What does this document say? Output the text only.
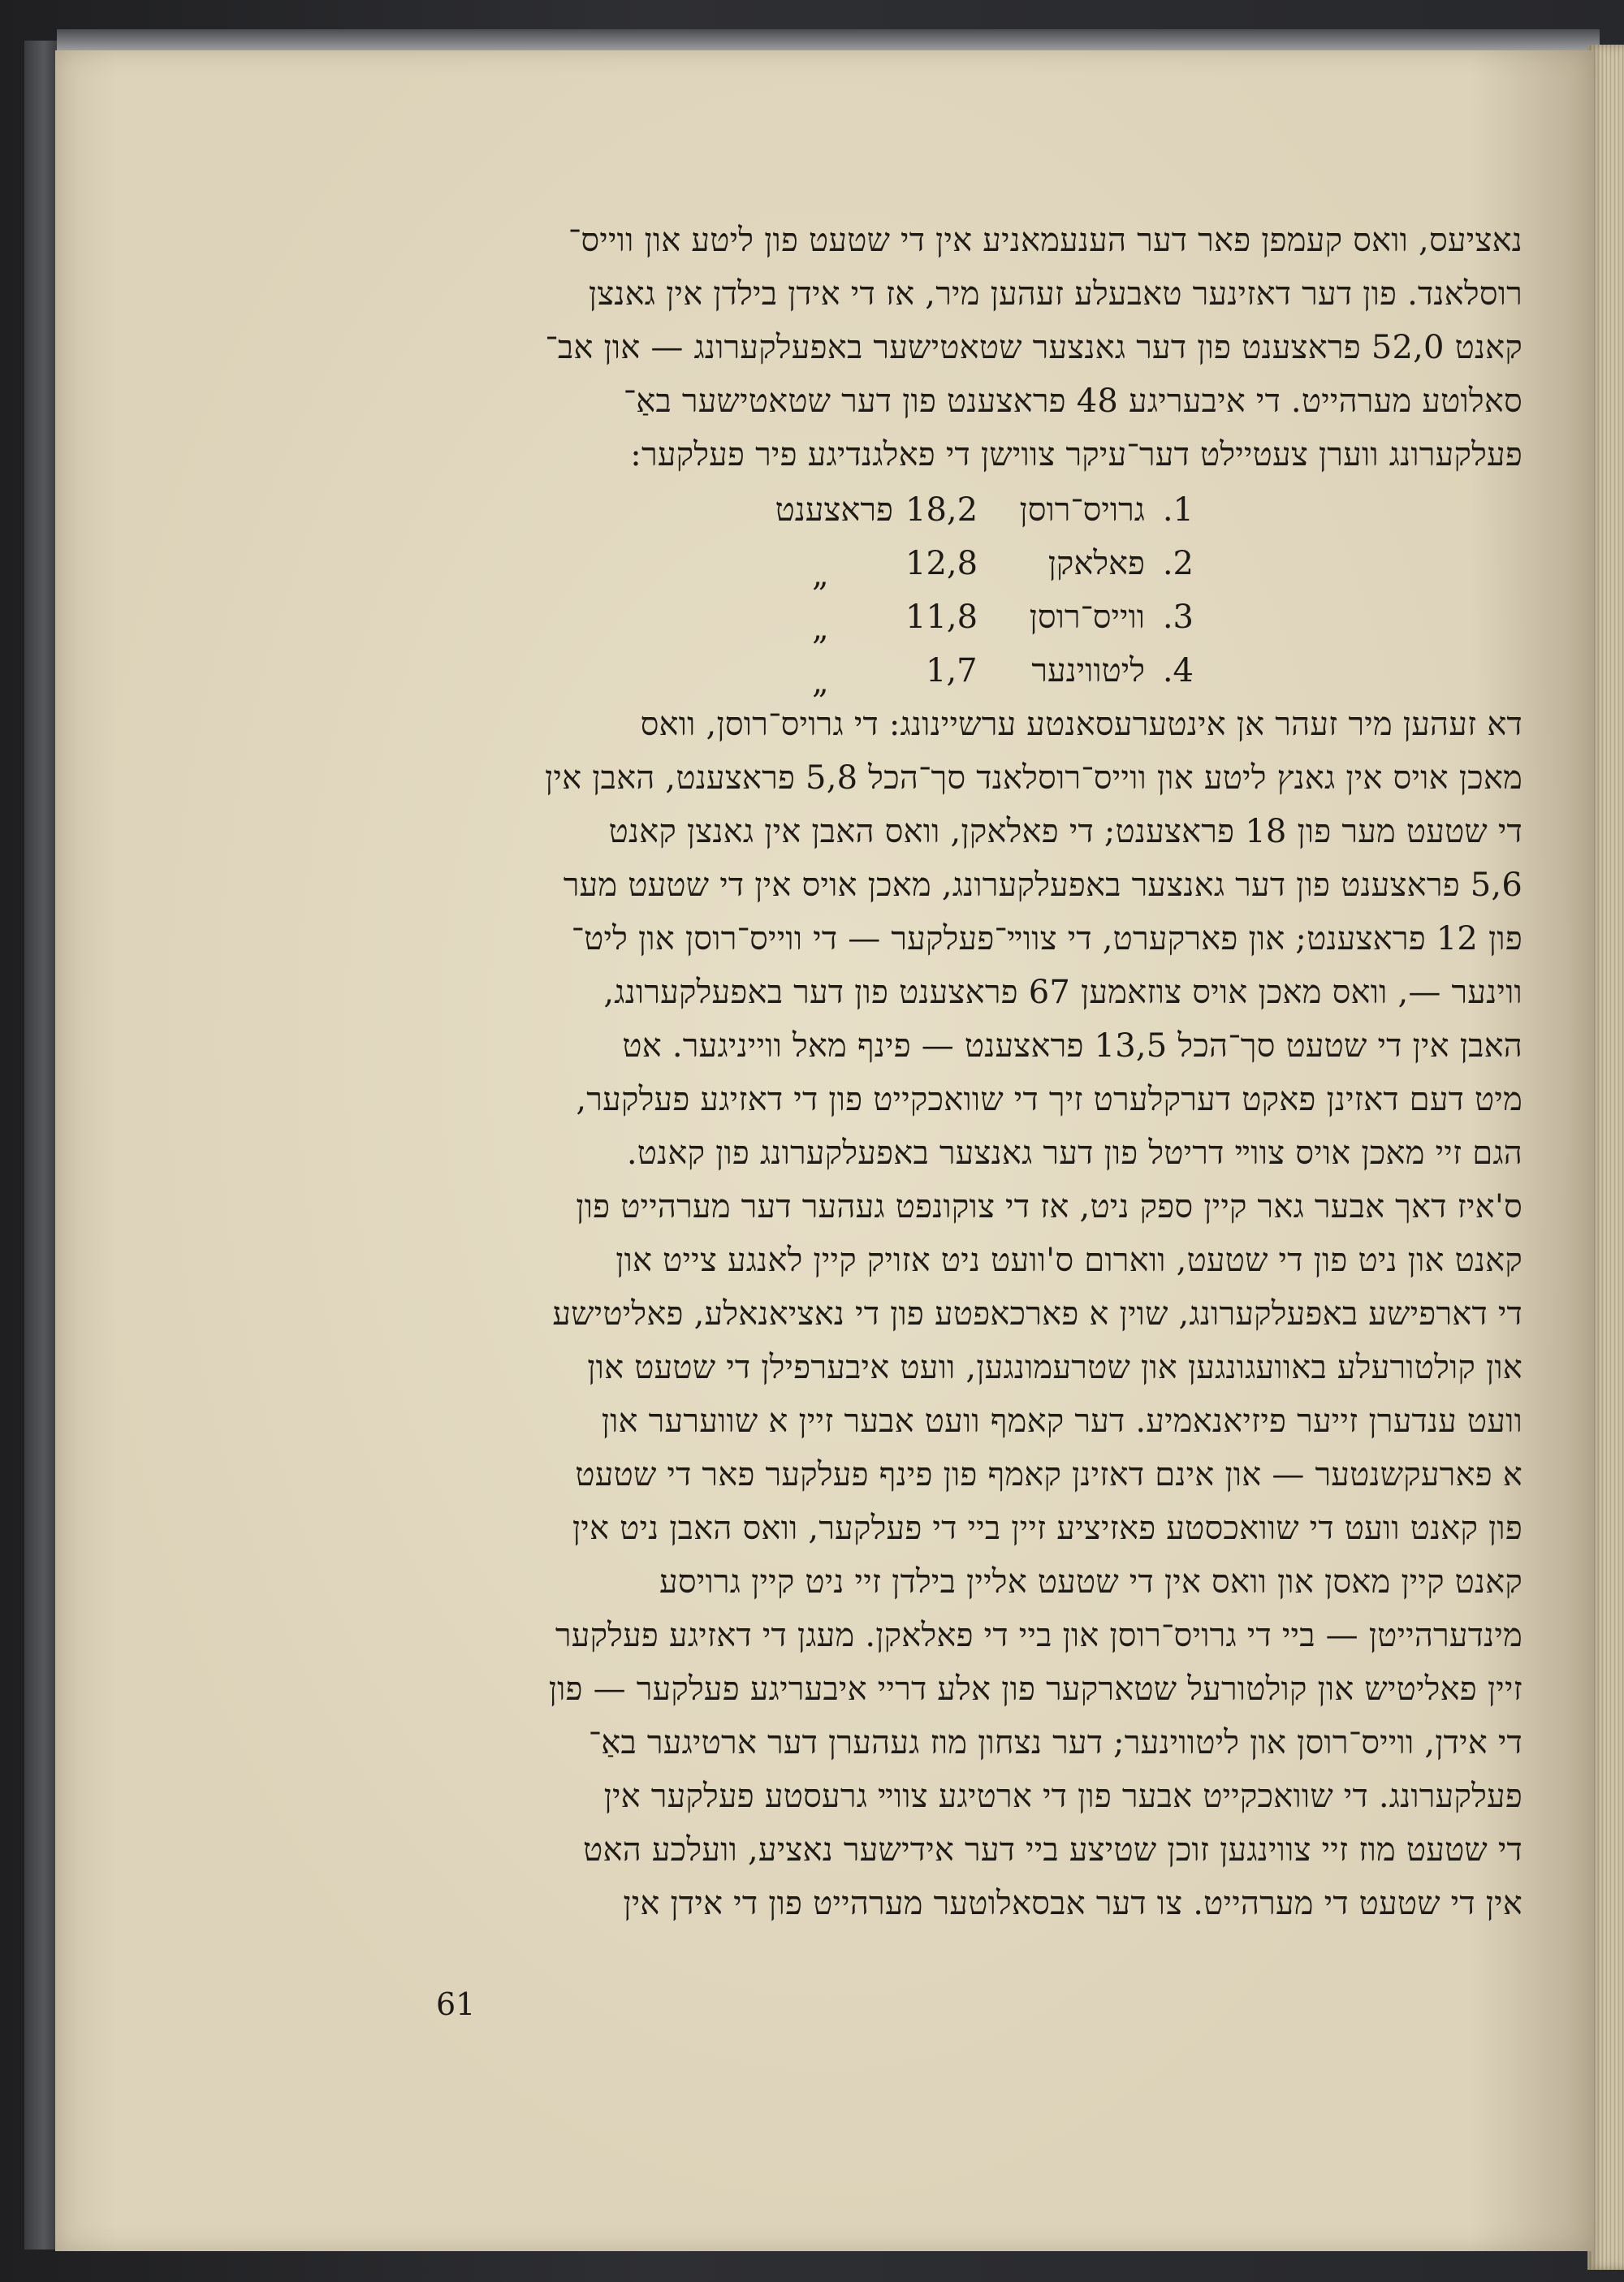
נאציעס, וואס קעמפן פאר דער הענעמאניע אין די שטעט פון ליטע און ווייס־
רוסלאנד. פון דער דאזינער טאבעלע זעהען מיר, אז די אידן בילדן אין גאנצן
קאנט 52,0 פראצענט פון דער גאנצער שטאטישער באפעלקערונג — און אב־
סאלוטע מערהייט. די איבעריגע 48 פראצענט פון דער שטאטישער באַ־
פעלקערונג ווערן צעטיילט דער־עיקר צווישן די פאלגנדיגע פיר פעלקער:
1.
גרויס־רוסן
18,2
פראצענט
2.
פאלאקן
12,8
„
3.
ווייס־רוסן
11,8
„
4.
ליטווינער
1,7
„
דא זעהען מיר זעהר אן אינטערעסאנטע ערשיינונג: די גרויס־רוסן, וואס
מאכן אויס אין גאנץ ליטע און ווייס־רוסלאנד סך־הכל 5,8 פראצענט, האבן אין
די שטעט מער פון 18 פראצענט; די פאלאקן, וואס האבן אין גאנצן קאנט
5,6 פראצענט פון דער גאנצער באפעלקערונג, מאכן אויס אין די שטעט מער
פון 12 פראצענט; און פארקערט, די צווײ־פעלקער — די ווייס־רוסן און ליט־
ווינער —, וואס מאכן אויס צוזאמען 67 פראצענט פון דער באפעלקערונג,
האבן אין די שטעט סך־הכל 13,5 פראצענט — פינף מאל ווייניגער. אט
מיט דעם דאזינן פאקט דערקלערט זיך די שוואכקייט פון די דאזיגע פעלקער,
הגם זיי מאכן אויס צווײ דריטל פון דער גאנצער באפעלקערונג פון קאנט.
ס'איז דאך אבער גאר קיין ספק ניט, אז די צוקונפט געהער דער מערהייט פון
קאנט און ניט פון די שטעט, ווארום ס'וועט ניט אזויק קיין לאנגע צייט און
די דארפישע באפעלקערונג, שוין א פארכאפטע פון די נאציאנאלע, פאליטישע
און קולטורעלע באוועגונגען און שטרעמונגען, וועט איבערפילן די שטעט און
וועט ענדערן זייער פיזיאנאמיע. דער קאמף וועט אבער זיין א שווערער און
א פארעקשנטער — און אינם דאזינן קאמף פון פינף פעלקער פאר די שטעט
פון קאנט וועט די שוואכסטע פאזיציע זיין ביי די פעלקער, וואס האבן ניט אין
קאנט קיין מאסן און וואס אין די שטעט אליין בילדן זיי ניט קיין גרויסע
מינדערהייטן — ביי די גרויס־רוסן און ביי די פאלאקן. מעגן די דאזיגע פעלקער
זיין פאליטיש און קולטורעל שטארקער פון אלע דריי איבעריגע פעלקער — פון
די אידן, ווייס־רוסן און ליטווינער; דער נצחון מוז געהערן דער ארטיגער באַ־
פעלקערונג. די שוואכקייט אבער פון די ארטיגע צווײ גרעסטע פעלקער אין
די שטעט מוז זיי צווינגען זוכן שטיצע ביי דער אידישער נאציע, וועלכע האט
אין די שטעט די מערהייט. צו דער אבסאלוטער מערהייט פון די אידן אין
61
